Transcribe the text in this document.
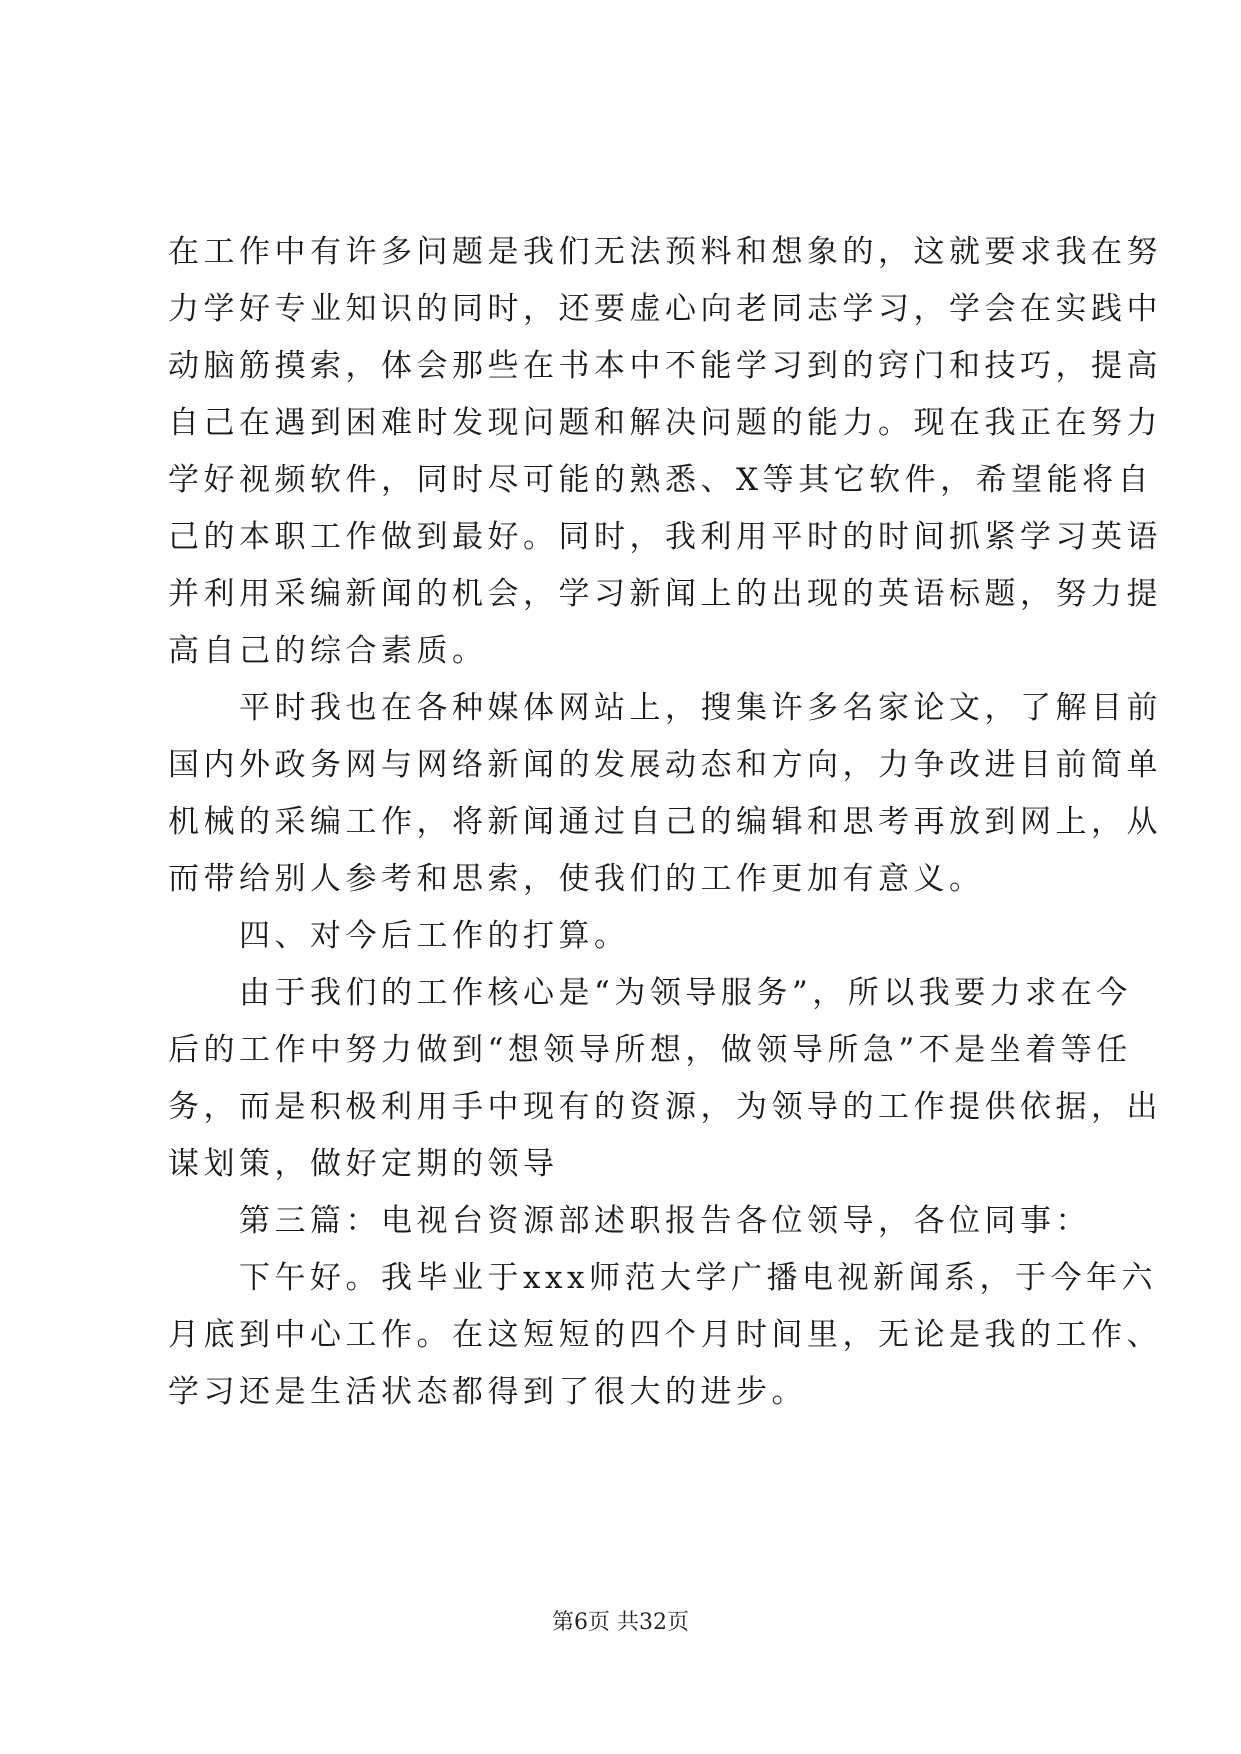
在工作中有许多问题是我们无法预料和想象的，这就要求我在努
力学好专业知识的同时，还要虚心向老同志学习，学会在实践中
动脑筋摸索，体会那些在书本中不能学习到的窍门和技巧，提高
自己在遇到困难时发现问题和解决问题的能力。现在我正在努力
学好视频软件，同时尽可能的熟悉、X等其它软件，希望能将自
己的本职工作做到最好。同时，我利用平时的时间抓紧学习英语
并利用采编新闻的机会，学习新闻上的出现的英语标题，努力提
高自己的综合素质。
　　平时我也在各种媒体网站上，搜集许多名家论文，了解目前
国内外政务网与网络新闻的发展动态和方向，力争改进目前简单
机械的采编工作，将新闻通过自己的编辑和思考再放到网上，从
而带给别人参考和思索，使我们的工作更加有意义。
　　四、对今后工作的打算。
　　由于我们的工作核心是“为领导服务”，所以我要力求在今
后的工作中努力做到“想领导所想，做领导所急”不是坐着等任
务，而是积极利用手中现有的资源，为领导的工作提供依据，出
谋划策，做好定期的领导
　　第三篇：电视台资源部述职报告各位领导，各位同事：
　　下午好。我毕业于xxx师范大学广播电视新闻系，于今年六
月底到中心工作。在这短短的四个月时间里，无论是我的工作、
学习还是生活状态都得到了很大的进步。
第6页 共32页
